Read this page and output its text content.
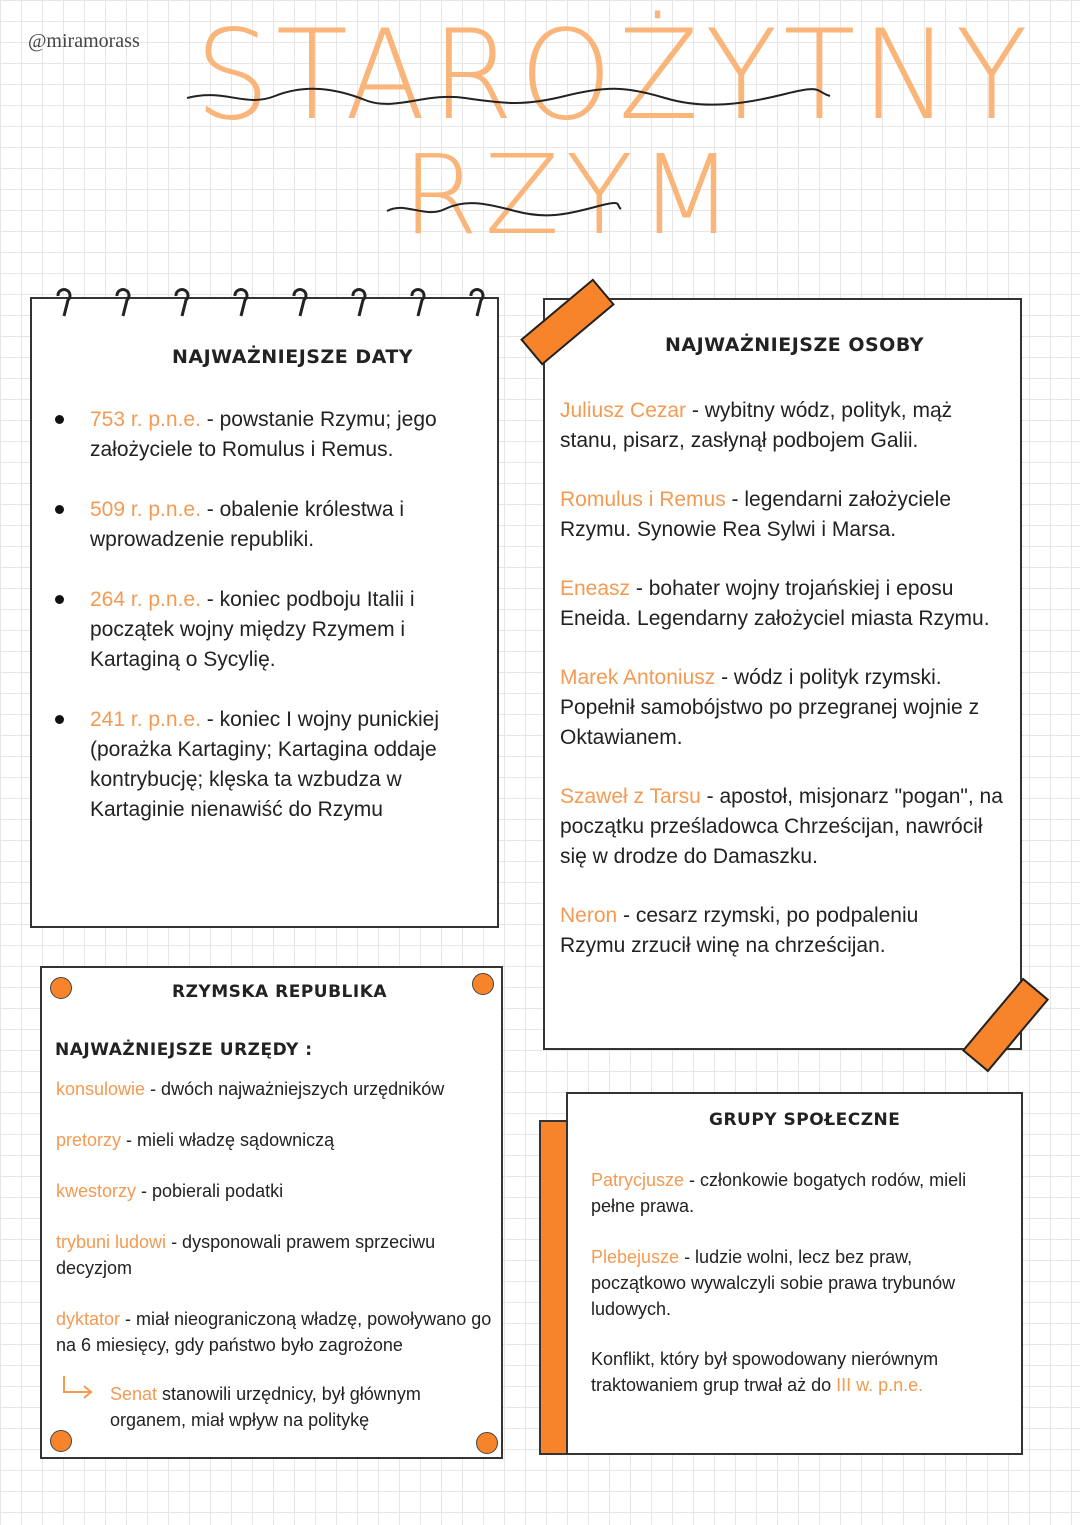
@miramorass STAROŻYTNY
RZYM
NAJWAŻNIEJSZE DATY
753 r. p.n.e. - powstanie Rzymu; jego założyciele to Romulus i Remus.
509 r. p.n.e. - obalenie królestwa i wprowadzenie republiki.
264 r. p.n.e. - koniec podboju Italii i początek wojny między Rzymem i Kartaginą o Sycylię.
241 r. p.n.e. - koniec I wojny punickiej (porażka Kartaginy; Kartagina oddaje kontrybucję; klęska ta wzbudza w Kartaginie nienawiść do Rzymu
NAJWAŻNIEJSZE OSOBY
Juliusz Cezar - wybitny wódz, polityk, mąż stanu, pisarz, zasłynął podbojem Galii.
Romulus i Remus - legendarni założyciele Rzymu. Synowie Rea Sylwi i Marsa.
Eneasz - bohater wojny trojańskiej i eposu Eneida. Legendarny założyciel miasta Rzymu.
Marek Antoniusz - wódz i polityk rzymski. Popełnił samobójstwo po przegranej wojnie z Oktawianem.
Szaweł z Tarsu - apostoł, misjonarz "pogan", na początku prześladowca Chrześcijan, nawrócił się w drodze do Damaszku.
Neron - cesarz rzymski, po podpaleniu Rzymu zrzucił winę na chrześcijan.
RZYMSKA REPUBLIKA
NAJWAŻNIEJSZE URZĘDY :
konsulowie - dwóch najważniejszych urzędników
pretorzy - mieli władzę sądowniczą
kwestorzy - pobierali podatki
trybuni ludowi - dysponowali prawem sprzeciwu decyzjom
dyktator - miał nieograniczoną władzę, powoływano go na 6 miesięcy, gdy państwo było zagrożone
Senat stanowili urzędnicy, był głównym organem, miał wpływ na politykę
GRUPY SPOŁECZNE
Patrycjusze - członkowie bogatych rodów, mieli pełne prawa.
Plebejusze - ludzie wolni, lecz bez praw, początkowo wywalczyli sobie prawa trybunów ludowych.
Konflikt, który był spowodowany nierównym traktowaniem grup trwał aż do III w. p.n.e.
